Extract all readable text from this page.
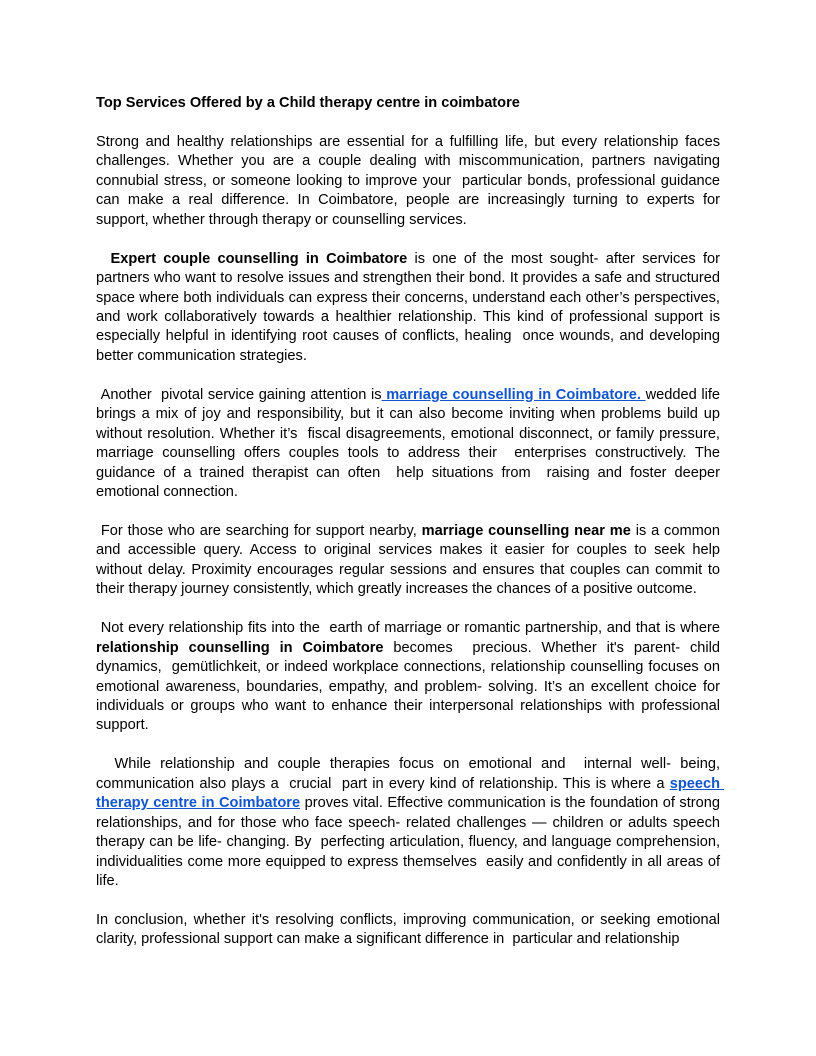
Top Services Offered by a Child therapy centre in coimbatore

Strong and healthy relationships are essential for a fulfilling life, but every relationship faces challenges. Whether you are a couple dealing with miscommunication, partners navigating connubial stress, or someone looking to improve your  particular bonds, professional guidance can make a real difference. In Coimbatore, people are increasingly turning to experts for support, whether through therapy or counselling services.

Expert couple counselling in Coimbatore is one of the most sought- after services for partners who want to resolve issues and strengthen their bond. It provides a safe and structured space where both individuals can express their concerns, understand each other’s perspectives, and work collaboratively towards a healthier relationship. This kind of professional support is especially helpful in identifying root causes of conflicts, healing  once wounds, and developing better communication strategies.

Another  pivotal service gaining attention is marriage counselling in Coimbatore. wedded life brings a mix of joy and responsibility, but it can also become inviting when problems build up without resolution. Whether it’s  fiscal disagreements, emotional disconnect, or family pressure, marriage counselling offers couples tools to address their  enterprises constructively. The guidance of a trained therapist can often  help situations from  raising and foster deeper emotional connection.

For those who are searching for support nearby, marriage counselling near me is a common and accessible query. Access to original services makes it easier for couples to seek help without delay. Proximity encourages regular sessions and ensures that couples can commit to their therapy journey consistently, which greatly increases the chances of a positive outcome.

Not every relationship fits into the  earth of marriage or romantic partnership, and that is where relationship counselling in Coimbatore becomes  precious. Whether it's parent- child dynamics,  gemütlichkeit, or indeed workplace connections, relationship counselling focuses on emotional awareness, boundaries, empathy, and problem- solving. It’s an excellent choice for individuals or groups who want to enhance their interpersonal relationships with professional support.

While relationship and couple therapies focus on emotional and  internal well- being, communication also plays a  crucial  part in every kind of relationship. This is where a speech therapy centre in Coimbatore proves vital. Effective communication is the foundation of strong relationships, and for those who face speech- related challenges — children or adults speech therapy can be life- changing. By  perfecting articulation, fluency, and language comprehension, individualities come more equipped to express themselves  easily and confidently in all areas of life.

In conclusion, whether it's resolving conflicts, improving communication, or seeking emotional clarity, professional support can make a significant difference in  particular and relationship
